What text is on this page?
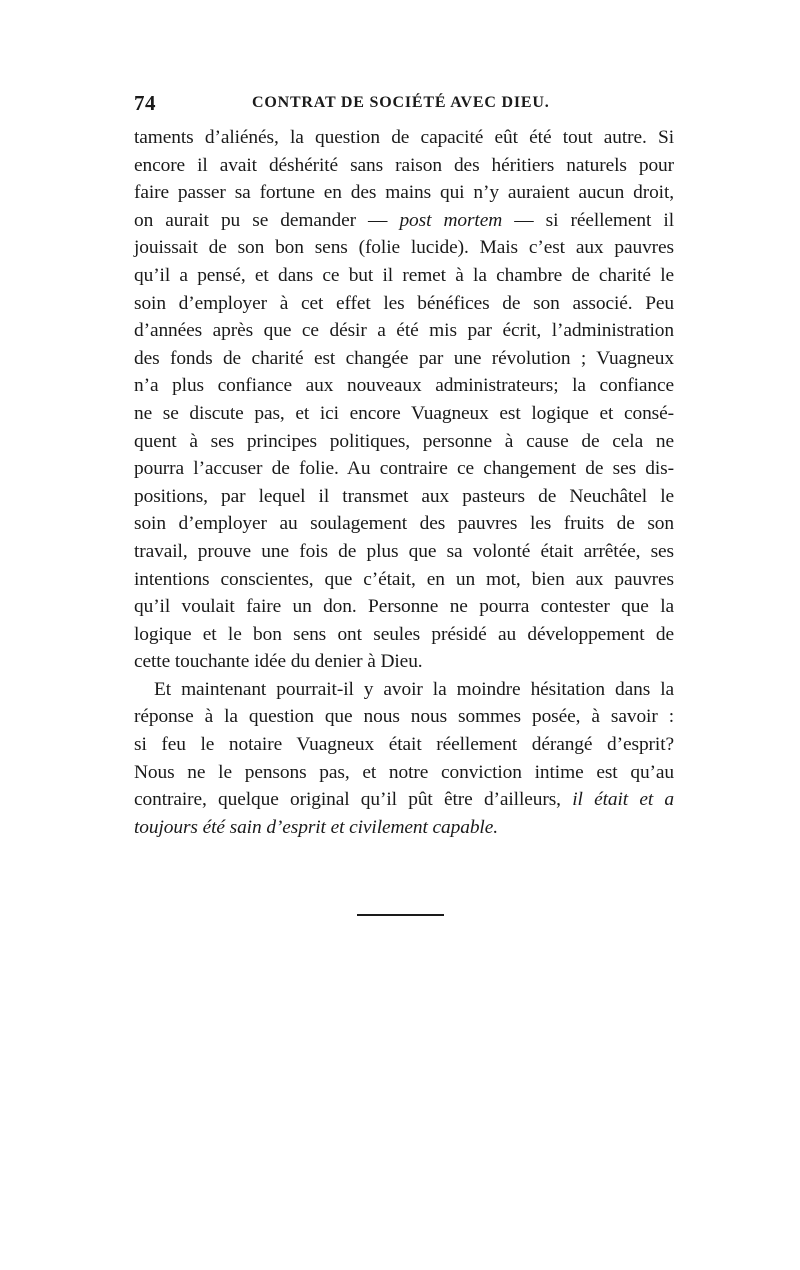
74	CONTRAT DE SOCIÉTÉ AVEC DIEU.
taments d’aliénés, la question de capacité eût été tout autre. Si
encore il avait déshérité sans raison des héritiers naturels pour
faire passer sa fortune en des mains qui n’y auraient aucun droit,
on aurait pu se demander — post mortem — si réellement il
jouissait de son bon sens (folie lucide). Mais c’est aux pauvres
qu’il a pensé, et dans ce but il remet à la chambre de charité le
soin d’employer à cet effet les bénéfices de son associé. Peu
d’années après que ce désir a été mis par écrit, l’administration
des fonds de charité est changée par une révolution ; Vuagneux
n’a plus confiance aux nouveaux administrateurs; la confiance
ne se discute pas, et ici encore Vuagneux est logique et consé-
quent à ses principes politiques, personne à cause de cela ne
pourra l’accuser de folie. Au contraire ce changement de ses dis-
positions, par lequel il transmet aux pasteurs de Neuchâtel le
soin d’employer au soulagement des pauvres les fruits de son
travail, prouve une fois de plus que sa volonté était arrêtée, ses
intentions conscientes, que c’était, en un mot, bien aux pauvres
qu’il voulait faire un don. Personne ne pourra contester que la
logique et le bon sens ont seules présidé au développement de
cette touchante idée du denier à Dieu.
Et maintenant pourrait-il y avoir la moindre hésitation dans la
réponse à la question que nous nous sommes posée, à savoir :
si feu le notaire Vuagneux était réellement dérangé d’esprit?
Nous ne le pensons pas, et notre conviction intime est qu’au
contraire, quelque original qu’il pût être d’ailleurs, il était et a
toujours été sain d’esprit et civilement capable.
